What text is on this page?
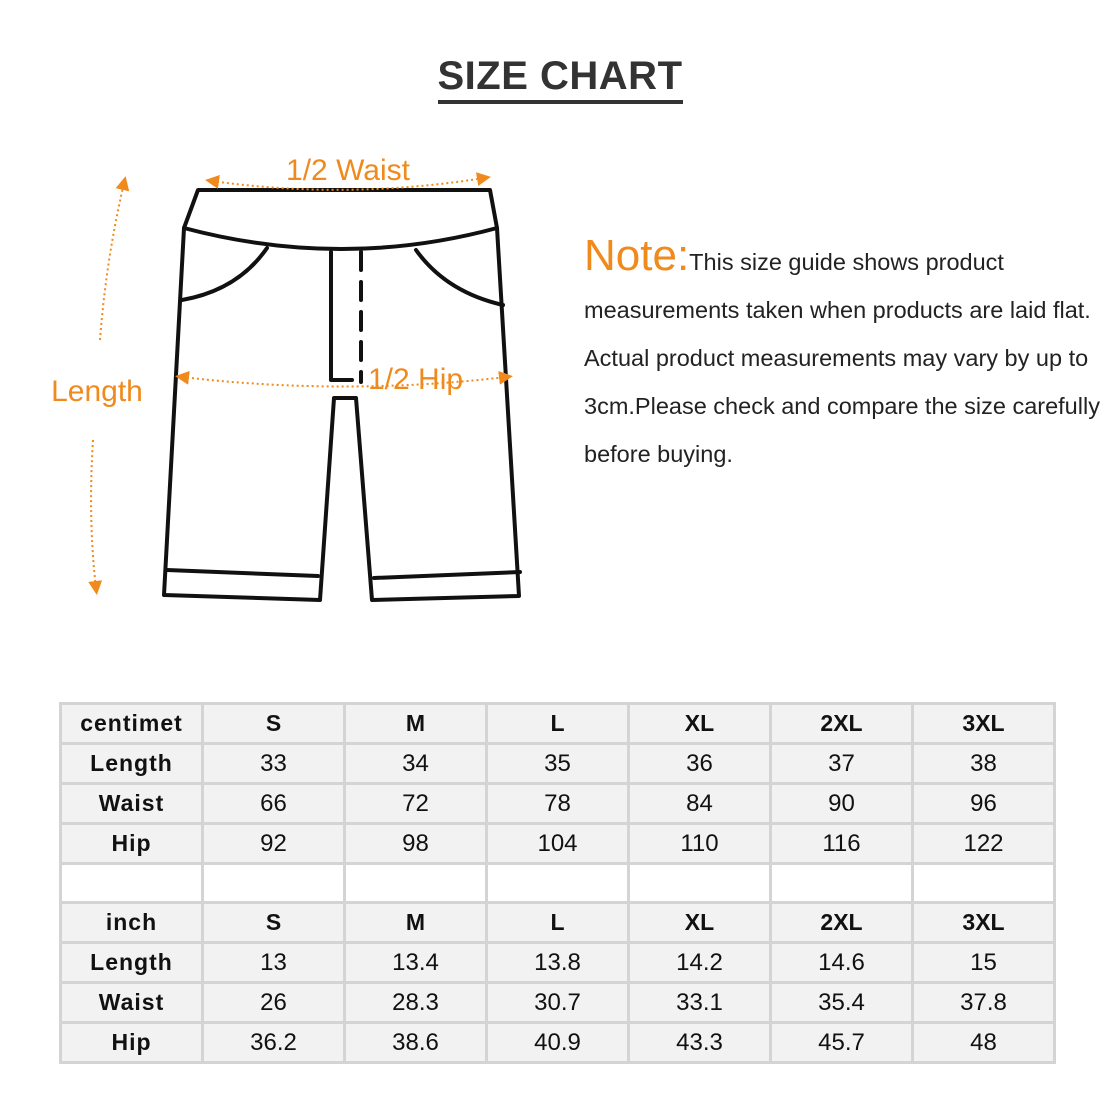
SIZE CHART
1/2 Waist
1/2 Hip
Length
Note:This size guide shows product measurements taken when products are laid flat. Actual product measurements may vary by up to 3cm.Please check and compare the size carefully before buying.
centimet	S	M	L	XL	2XL	3XL
Length	33	34	35	36	37	38
Waist	66	72	78	84	90	96
Hip	92	98	104	110	116	122

inch	S	M	L	XL	2XL	3XL
Length	13	13.4	13.8	14.2	14.6	15
Waist	26	28.3	30.7	33.1	35.4	37.8
Hip	36.2	38.6	40.9	43.3	45.7	48
